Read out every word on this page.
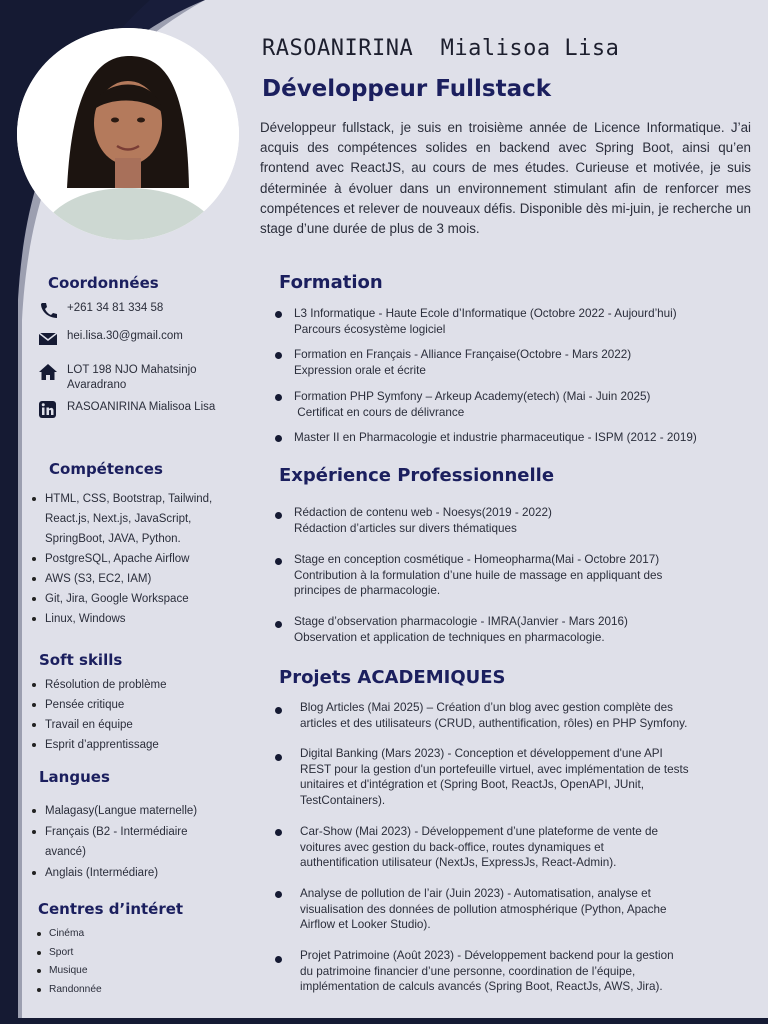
RASOANIRINA  Mialisoa Lisa
Développeur Fullstack
Développeur fullstack, je suis en troisième année de Licence Informatique. J’ai acquis des compétences solides en backend avec Spring Boot, ainsi qu’en frontend avec ReactJS, au cours de mes études. Curieuse et motivée, je suis déterminée à évoluer dans un environnement stimulant afin de renforcer mes compétences et relever de nouveaux défis. Disponible dès mi-juin, je recherche un stage d’une durée de plus de 3 mois.
Coordonnées
+261 34 81 334 58
hei.lisa.30@gmail.com
LOT 198 NJO Mahatsinjo
Avaradrano
RASOANIRINA Mialisoa Lisa
Compétences
HTML, CSS, Bootstrap, Tailwind,
React.js, Next.js, JavaScript,
SpringBoot, JAVA, Python.
PostgreSQL, Apache Airflow
AWS (S3, EC2, IAM)
Git, Jira, Google Workspace
Linux, Windows
Soft skills
Résolution de problème
Pensée critique
Travail en équipe
Esprit d’apprentissage
Langues
Malagasy(Langue maternelle)
Français (B2 - Intermédiaire
avancé)
Anglais (Intermédiare)
Centres d’intéret
Cinéma
Sport
Musique
Randonnée
Formation
L3 Informatique - Haute Ecole d’Informatique (Octobre 2022 - Aujourd’hui)
Parcours écosystème logiciel
Formation en Français - Alliance Française(Octobre - Mars 2022)
Expression orale et écrite
Formation PHP Symfony – Arkeup Academy(etech) (Mai - Juin 2025)
Certificat en cours de délivrance
Master II en Pharmacologie et industrie pharmaceutique - ISPM (2012 - 2019)
Expérience Professionnelle
Rédaction de contenu web - Noesys(2019 - 2022)
Rédaction d’articles sur divers thématiques
Stage en conception cosmétique - Homeopharma(Mai - Octobre 2017)
Contribution à la formulation d’une huile de massage en appliquant des
principes de pharmacologie.
Stage d’observation pharmacologie - IMRA(Janvier - Mars 2016)
Observation et application de techniques en pharmacologie.
Projets ACADEMIQUES
Blog Articles (Mai 2025) – Création d’un blog avec gestion complète des
articles et des utilisateurs (CRUD, authentification, rôles) en PHP Symfony.
Digital Banking (Mars 2023) - Conception et développement d'une API
REST pour la gestion d'un portefeuille virtuel, avec implémentation de tests
unitaires et d'intégration et (Spring Boot, ReactJs, OpenAPI, JUnit,
TestContainers).
Car-Show (Mai 2023) - Développement d’une plateforme de vente de
voitures avec gestion du back-office, routes dynamiques et
authentification utilisateur (NextJs, ExpressJs, React-Admin).
Analyse de pollution de l’air (Juin 2023) - Automatisation, analyse et
visualisation des données de pollution atmosphérique (Python, Apache
Airflow et Looker Studio).
Projet Patrimoine (Août 2023) - Développement backend pour la gestion
du patrimoine financier d’une personne, coordination de l’équipe,
implémentation de calculs avancés (Spring Boot, ReactJs, AWS, Jira).
